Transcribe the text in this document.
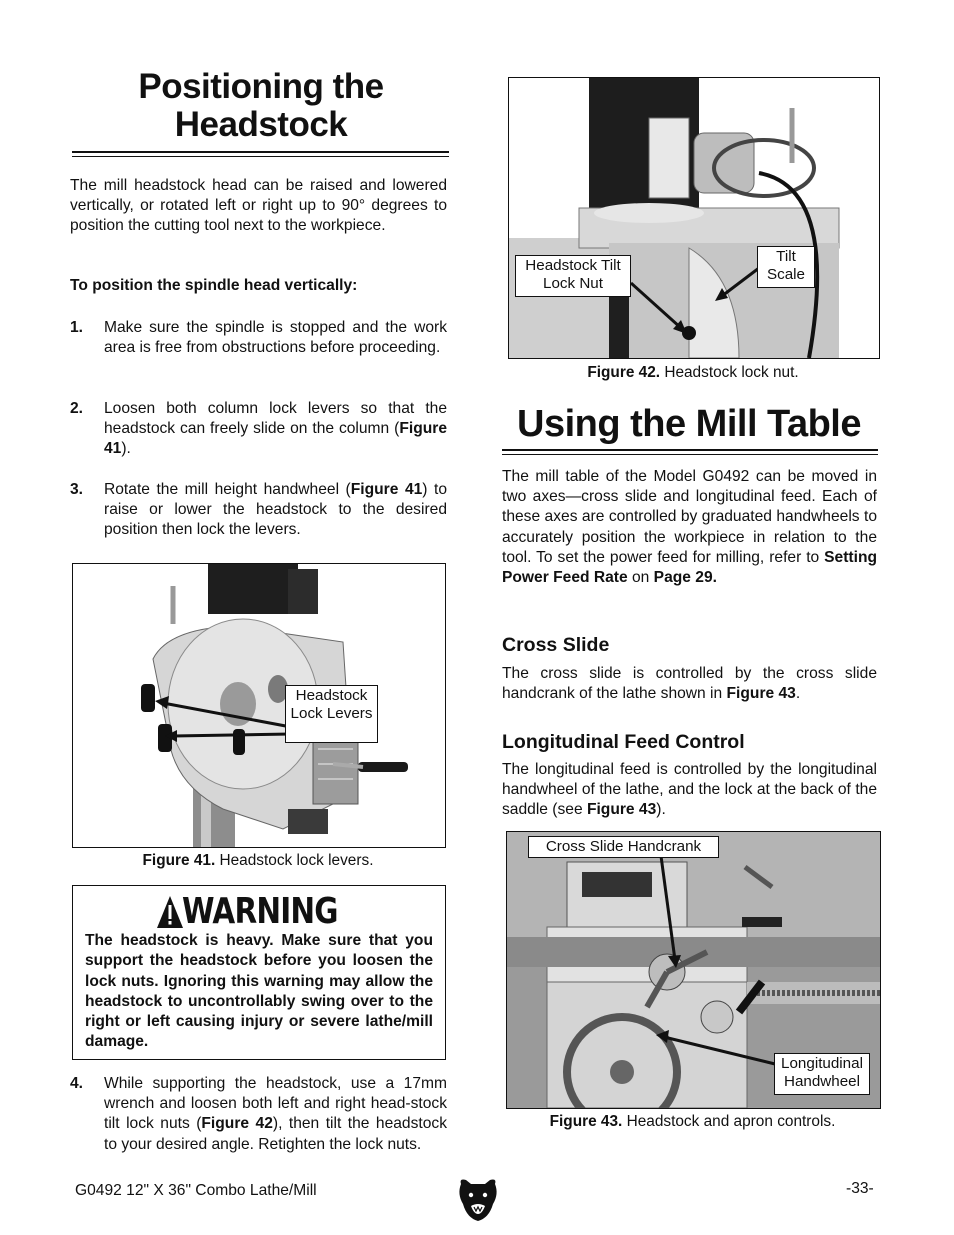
Positioning the
Headstock

The mill headstock head can be raised and lowered vertically, or rotated left or right up to 90° degrees to position the cutting tool next to the workpiece.

To position the spindle head vertically:
1. Make sure the spindle is stopped and the work area is free from obstructions before proceeding.
2. Loosen both column lock levers so that the headstock can freely slide on the column (Figure 41).
3. Rotate the mill height handwheel (Figure 41) to raise or lower the headstock to the desired position then lock the levers.
Headstock Lock Levers
Figure 41. Headstock lock levers.
WARNING
The headstock is heavy. Make sure that you support the headstock before you loosen the lock nuts. Ignoring this warning may allow the headstock to uncontrollably swing over to the right or left causing injury or severe lathe/mill damage.
4. While supporting the headstock, use a 17mm wrench and loosen both left and right head-stock tilt lock nuts (Figure 42), then tilt the headstock to your desired angle. Retighten the lock nuts.
Headstock Tilt Lock Nut
Tilt Scale
Figure 42. Headstock lock nut.
Using the Mill Table

The mill table of the Model G0492 can be moved in two axes—cross slide and longitudinal feed. Each of these axes are controlled by graduated handwheels to accurately position the workpiece in relation to the tool. To set the power feed for milling, refer to Setting Power Feed Rate on Page 29.

Cross Slide

The cross slide is controlled by the cross slide handcrank of the lathe shown in Figure 43.

Longitudinal Feed Control

The longitudinal feed is controlled by the longitudinal handwheel of the lathe, and the lock at the back of the saddle (see Figure 43).

Cross Slide Handcrank
Longitudinal Handwheel
Figure 43. Headstock and apron controls.
G0492 12" X 36" Combo Lathe/Mill	-33-
